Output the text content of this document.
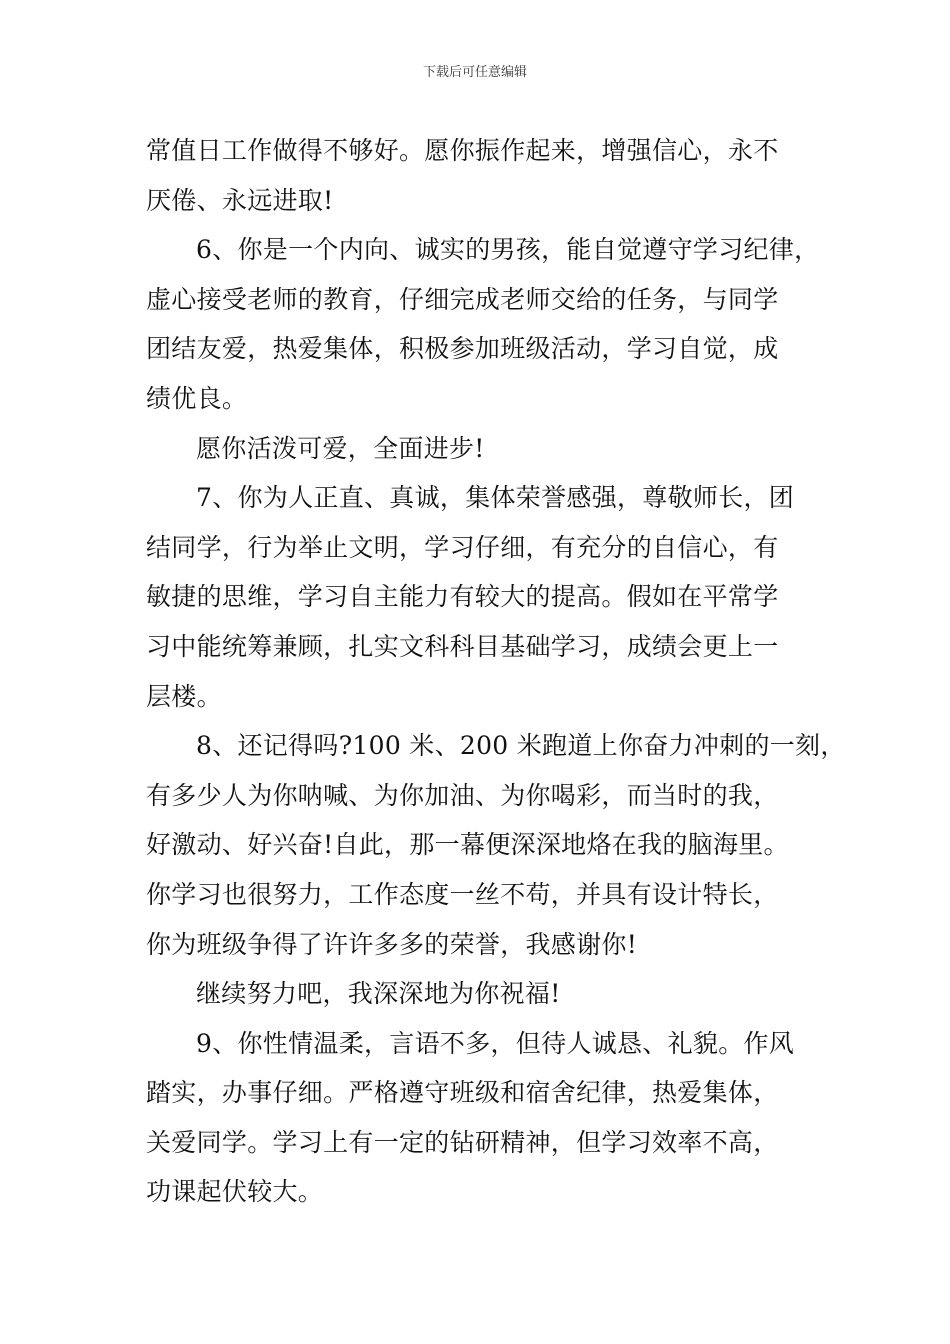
下载后可任意编辑
常值日工作做得不够好。愿你振作起来，增强信心，永不
厌倦、永远进取!
6、你是一个内向、诚实的男孩，能自觉遵守学习纪律，
虚心接受老师的教育，仔细完成老师交给的任务，与同学
团结友爱，热爱集体，积极参加班级活动，学习自觉，成
绩优良。
愿你活泼可爱，全面进步!
7、你为人正直、真诚，集体荣誉感强，尊敬师长，团
结同学，行为举止文明，学习仔细，有充分的自信心，有
敏捷的思维，学习自主能力有较大的提高。假如在平常学
习中能统筹兼顾，扎实文科科目基础学习，成绩会更上一
层楼。
8、还记得吗?100 米、200 米跑道上你奋力冲刺的一刻，
有多少人为你呐喊、为你加油、为你喝彩，而当时的我，
好激动、好兴奋!自此，那一幕便深深地烙在我的脑海里。
你学习也很努力，工作态度一丝不苟，并具有设计特长，
你为班级争得了许许多多的荣誉，我感谢你!
继续努力吧，我深深地为你祝福!
9、你性情温柔，言语不多，但待人诚恳、礼貌。作风
踏实，办事仔细。严格遵守班级和宿舍纪律，热爱集体，
关爱同学。学习上有一定的钻研精神，但学习效率不高，
功课起伏较大。
